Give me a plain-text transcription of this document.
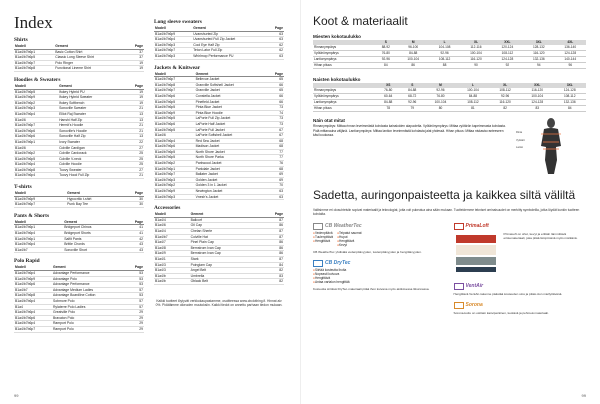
Index
Shirts
Modell	Gement	Page
B1a4/b7b6p1	Basic Cotton Shirt	37
B1a4/b7b6p5	Classic Long Sleeve Shirt	37
B1a4/b7b6p7	Polo Ringer	19
B1a4/b7b6p8	Functional Lineme Shirt	19
Hoodies & Sweaters
Modell	Gement	Page
B1a4/b7b6p5	Ifukey Hybrid PU	19
B1a4/b7b6p9	Ifukey Hybrid Sweater	19
B1a4/b7b6p2	Ifukey Softbench	19
B1a4/b7b6p3	Sonoville Sweater	21
B1a4/b7b6p4	Elliot Raj Sweater	13
B1a4/6	Hanshi Half Zip	13
B1a4/b7b6p7	Hermit's Hoodie	21
B1a4/b7b6p6	Sonoville's Hoodie	21
B1a4/b7b6p6	Sonoville Half Zip	13
B1a4/b7b6p1	Ivory Sweater	22
B1a4/6	Colville Cardigan	27
B1a4/b7b6p2	Colville Cardorack	25
B1a4/b7b6p5	Colville V-neck	25
B1a4/b7b6p4	Colville Hoodie	25
B1a4/b7b6p8	Tuovy Sweater	27
B1a4/b7b6p4	Tuovy Hood Full Zip	21
T-shirts
Modell	Gement	Page
B1a4/b7b6p9	Hypocritic t-shirt	30
B1a4/b7b6p7	Punk Bay Tee	30
Pants & Shorts
Modell	Gement	Page
B1a4/b7b6p1	Bridgeport Chinos	41
B1a4/b7b6p4	Bridgeport Shorts	41
B1a4/b7b6p1	Salfit Pants	42
B1a4/b7b6p4	Brittle Chords	43
B1a4/b7	Sonoville Short	43
Polo Rapid
Modell	Gement	Page
B1a4/b7b6p4	Advantage Performance	53
B1a4/b7b6p9	Advantage Polo	53
B1a4/b7b6p6	Advantage Performance	53
B1a4/b7	Advantage Medium Ladies	57
B1a4/b7b6p8	Advantage Boardline Cotton	53
B1a4/b7b6p4	Sobmore Polo	57
B1a4	Rylaterre Polo Ladies	57
B1a4/b7b6p4	Greatville Polo	29
B1a4/b7b6p6	Bravaton Polo	29
B1a4/b7b6p4	Ramport Polo	29
B1a4/b7b6p7	Ramport Polo	29
Long sleeve sweaters
Modell	Gement	Page
B1a4/b7b6p9	Uvanshurted Zip	63
B1a4/b7b6p4	Uvanshurted Full Zip Jacket	63
B1a4/b7b6p3	Cool Eye Half Zip	62
B1a4/b7b6p7	Teton Lator Full Zip	62
B1a4/b7b6p3	Whirlmop Performance PU	63
Jackets & Knitwear
Modell	Gement	Page
B1a4/b7b6p7	Bellevue Jacket	65
B1a4/b7b6p8	Granville Softshell Jacket	66
B1a4/b7b6p7	Granville Jacket	65
B1a4/b7b6p6	Constella Jacket	66
B1a4/b7b6p5	Pinefield Jacket	66
B1a4/b7b6p5	Pinta Blue Jacket	73
B1a4/b7b6p9	Pinta Blue Hoodie	74
B1a4/b7b6p5	LaPorte Full Zip Jacket	73
B1a4/b7b6p6	LaPorte Half Jacket	73
B1a4/b7b6p5	LaPorte Full Jacket	67
B1a4/6	LaPorte Softshell Jacket	67
B1a4/b7b6p4	Red Sea Jacket	68
B1a4/b7b6p6	Madison Jacket	68
B1a4/b7b6p5	North Shore Jacket	77
B1a4/b7b6p5	North Shore Parka	77
B1a4/b7b6p2	Parkwood Jacket	76
B1a4/b7b6p1	Parkdale Jacket	68
B1a4/b7b6p7	Ballater Jacket	69
B1a4/b7b6p3	Golden Jacket	69
B1a4/b7b6p2	Golden 3 in 1 Jacket	70
B1a4/b7b6p9	Newington Jacket	63
B1a4/b7b6p3	Vnesh's Jacket	63
Accessories
Modell	Gement	Page
B1a4/4	Ballcorf	87
B1a4/6	Oil Cap	86
B1a4/4	Chelan Sherle	87
B1a4/b7	Colville Hat	87
B1a4/7	Pinel Plain Cap	86
B1a4/8	Bernstrom Ivan Cap	86
B1a4/9	Bernstrom Ivan Cap	86
B1a4/1	Stark	87
B1a4/3	Poinglam Cap	84
B1a4/3	Angel Belt	82
B1a4/b	Umbrella	83
B1a4/b	Oblack Belt	82
Kaikki tuotteet löytyvät verkkokaupastamme, osoitteessa www.cbclothing.fi. Hinnat alv 0%. Pidätämme oikeuden muutoksiin. Kaikki tiedot on annettu parhaan tiedon mukaan.
99
Koot & materiaalit
Miesten kokotaulukko
	S	M	L	XL	XXL	3XL	4XL
Rinnanympärys	88-92	96-100	104-108	112-116	120-124	128-132	136-140
Vyötärönympärys	76-80	84-88	92-96	100-104	108-112	116-120	124-128
Lantionympärys	92-96	100-104	108-112	116-120	124-128	132-136	140-144
Hihan pituus	84	86	88	90	92	94	96
Naisten kokotaulukko
	XS	S	M	L	XL	XXL	3XL
Rinnanympärys	76-80	84-88	92-96	100-104	108-112	116-120	124-128
Vyötärönympärys	60-64	68-72	76-80	84-88	92-96	100-104	108-112
Lantionympärys	84-88	92-96	100-104	108-112	116-120	124-128	132-136
Hihan pituus	78	79	80	81	82	83	84
Näin otat mitat

Rinnanympärys: Mittaa rinnan leveimmästä kohdasta kainaloiden alapuolelta. Vyötärönympärys: Mittaa vyötärön kapeimmasta kohdasta. Pidä mittanauha väljänä. Lantionympärys: Mittaa lantion leveimmästä kohdasta jalat yhdessä. Hihan pituus: Mittaa niskasta ranteeseen käsi koukussa.

Rinta
Vyötärö
Lantio
Sadetta, auringonpaisteetta ja kaikkea siltä väliltä

Valitsimme eri olosuhteisiin sopivat materiaalit ja teknologiat, jotta voit pukeutua aina sään mukaan. Tuotteidemme tekniset ominaisuudet on merkitty symboleilla, jotka löydät kunkin tuotteen kohdalta.

CB WeatherTec
● Vedenpitävä
● Tuulenpitävä
● Hengittävä
● Teipatut saumat
● Huput
● Hengittävä
● Kevyt

CB WeatherTec yhdistää vedenpitävyyden, tuulenpitävyyden ja hengittävyyden.

CB DryTec
● Siirtää kosteutta iholta
● Nopeasti kuivuva
● Hengittävä
● Antaa vartalon hengittää

Kosteutta siirtävä DryTec-materiaali pitää ihon kuivana myös aktiivisessa liikunnassa.

PrimaLoft

PrimaLoft on ohut, kevyt ja erittäin lämmittävä eristemateriaali, joka pitää lämpimänä myös märkänä.

VentAir

Hengittävä VentAir-rakenne päästää kosteuden ulos ja pitää olon miellyttävänä.

Sorona

Sorona-kuitu on osittain kasviperäinen, kestävä ja pehmeä materiaali.

99
